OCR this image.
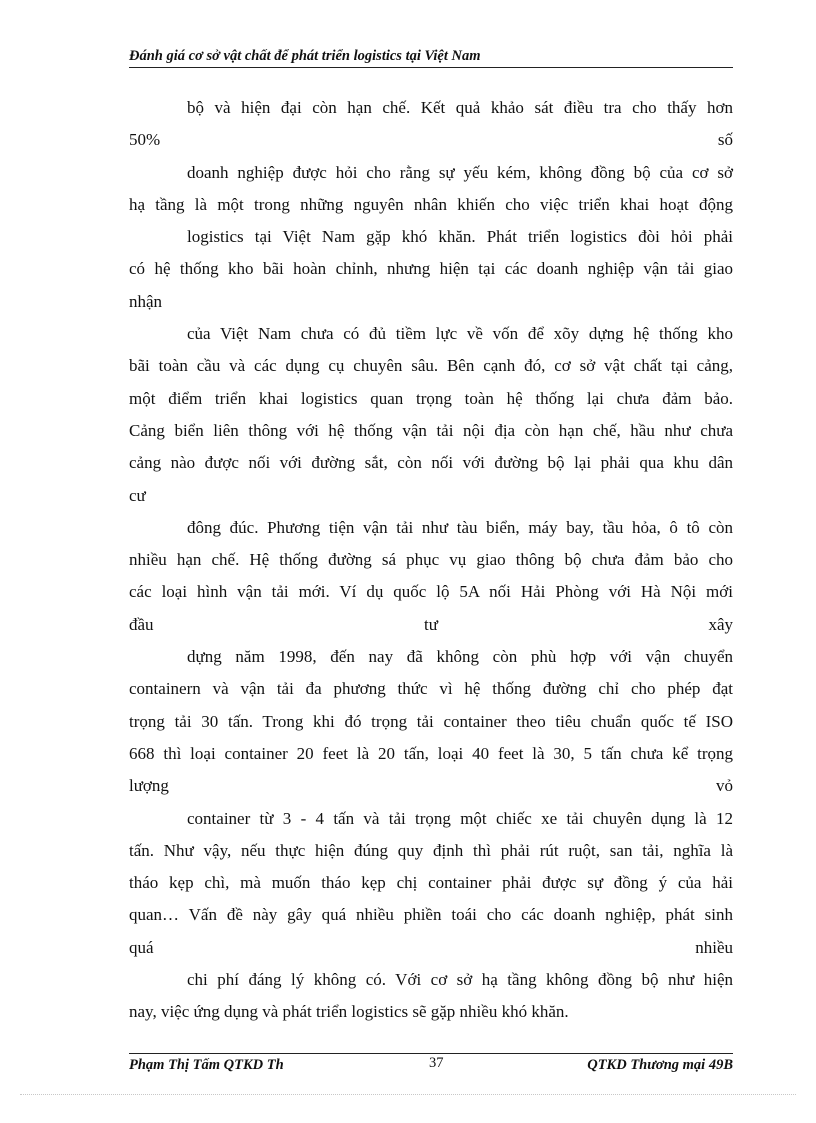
Đánh giá cơ sở vật chất để phát triển logistics tại Việt Nam
bộ và hiện đại còn hạn chế. Kết quả khảo sát điều tra cho thấy hơn
50% số
doanh nghiệp được hỏi cho rằng sự yếu kém, không đồng bộ của cơ sở
hạ tầng là một trong những nguyên nhân khiến cho việc triển khai hoạt động
logistics tại Việt Nam gặp khó khăn. Phát triển logistics đòi hỏi phải
có hệ thống kho bãi hoàn chỉnh, nhưng hiện tại các doanh nghiệp vận tải giao
nhận
của Việt Nam chưa có đủ tiềm lực về vốn để xõy dựng hệ thống kho
bãi toàn cầu và các dụng cụ chuyên sâu. Bên cạnh đó, cơ sở vật chất tại cảng,
một điểm triển khai logistics quan trọng toàn hệ thống lại chưa đảm bảo.
Cảng biển liên thông với hệ thống vận tải nội địa còn hạn chế, hầu như chưa
cảng nào được nối với đường sắt, còn nối với đường bộ lại phải qua khu dân
cư
đông đúc. Phương tiện vận tải như tàu biển, máy bay, tầu hỏa, ô tô còn
nhiều hạn chế. Hệ thống đường sá phục vụ giao thông bộ chưa đảm bảo cho
các loại hình vận tải mới. Ví dụ quốc lộ 5A nối Hải Phòng với Hà Nội mới
đầu tư xây
dựng năm 1998, đến nay đã không còn phù hợp với vận chuyển
containern và vận tải đa phương thức vì hệ thống đường chỉ cho phép đạt
trọng tải 30 tấn. Trong khi đó trọng tải container theo tiêu chuẩn quốc tế ISO
668 thì loại container 20 feet là 20 tấn, loại 40 feet là 30, 5 tấn chưa kể trọng
lượng vỏ
container từ 3 - 4 tấn và tải trọng một chiếc xe tải chuyên dụng là 12
tấn. Như vậy, nếu thực hiện đúng quy định thì phải rút ruột, san tải, nghĩa là
tháo kẹp chì, mà muốn tháo kẹp chị container phải được sự đồng ý của hải
quan… Vấn đề này gây quá nhiều phiền toái cho các doanh nghiệp, phát sinh
quá nhiều
chi phí đáng lý không có. Với cơ sở hạ tầng không đồng bộ như hiện
nay, việc ứng dụng và phát triển logistics sẽ gặp nhiều khó khăn.
Phạm Thị Tấm QTKD Th	37	QTKD Thương mại 49B
